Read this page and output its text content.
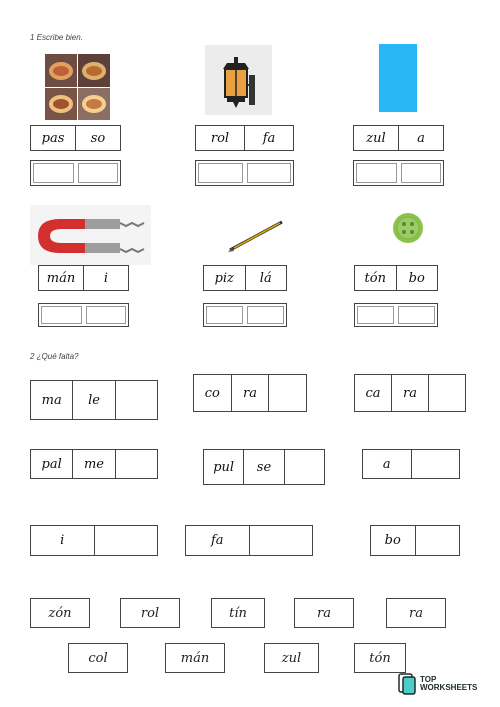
1 Escribe bien.
pas	so	rol	fa	zul	a
mán	i	piz	lá	tón	bo
2 ¿Qué falta?
ma	le	co	ra	ca	ra
pal	me	pul	se	a
i	fa	bo
zón	rol	tín	ra	ra
col	mán	zul	tón
TOP
WORKSHEETS
